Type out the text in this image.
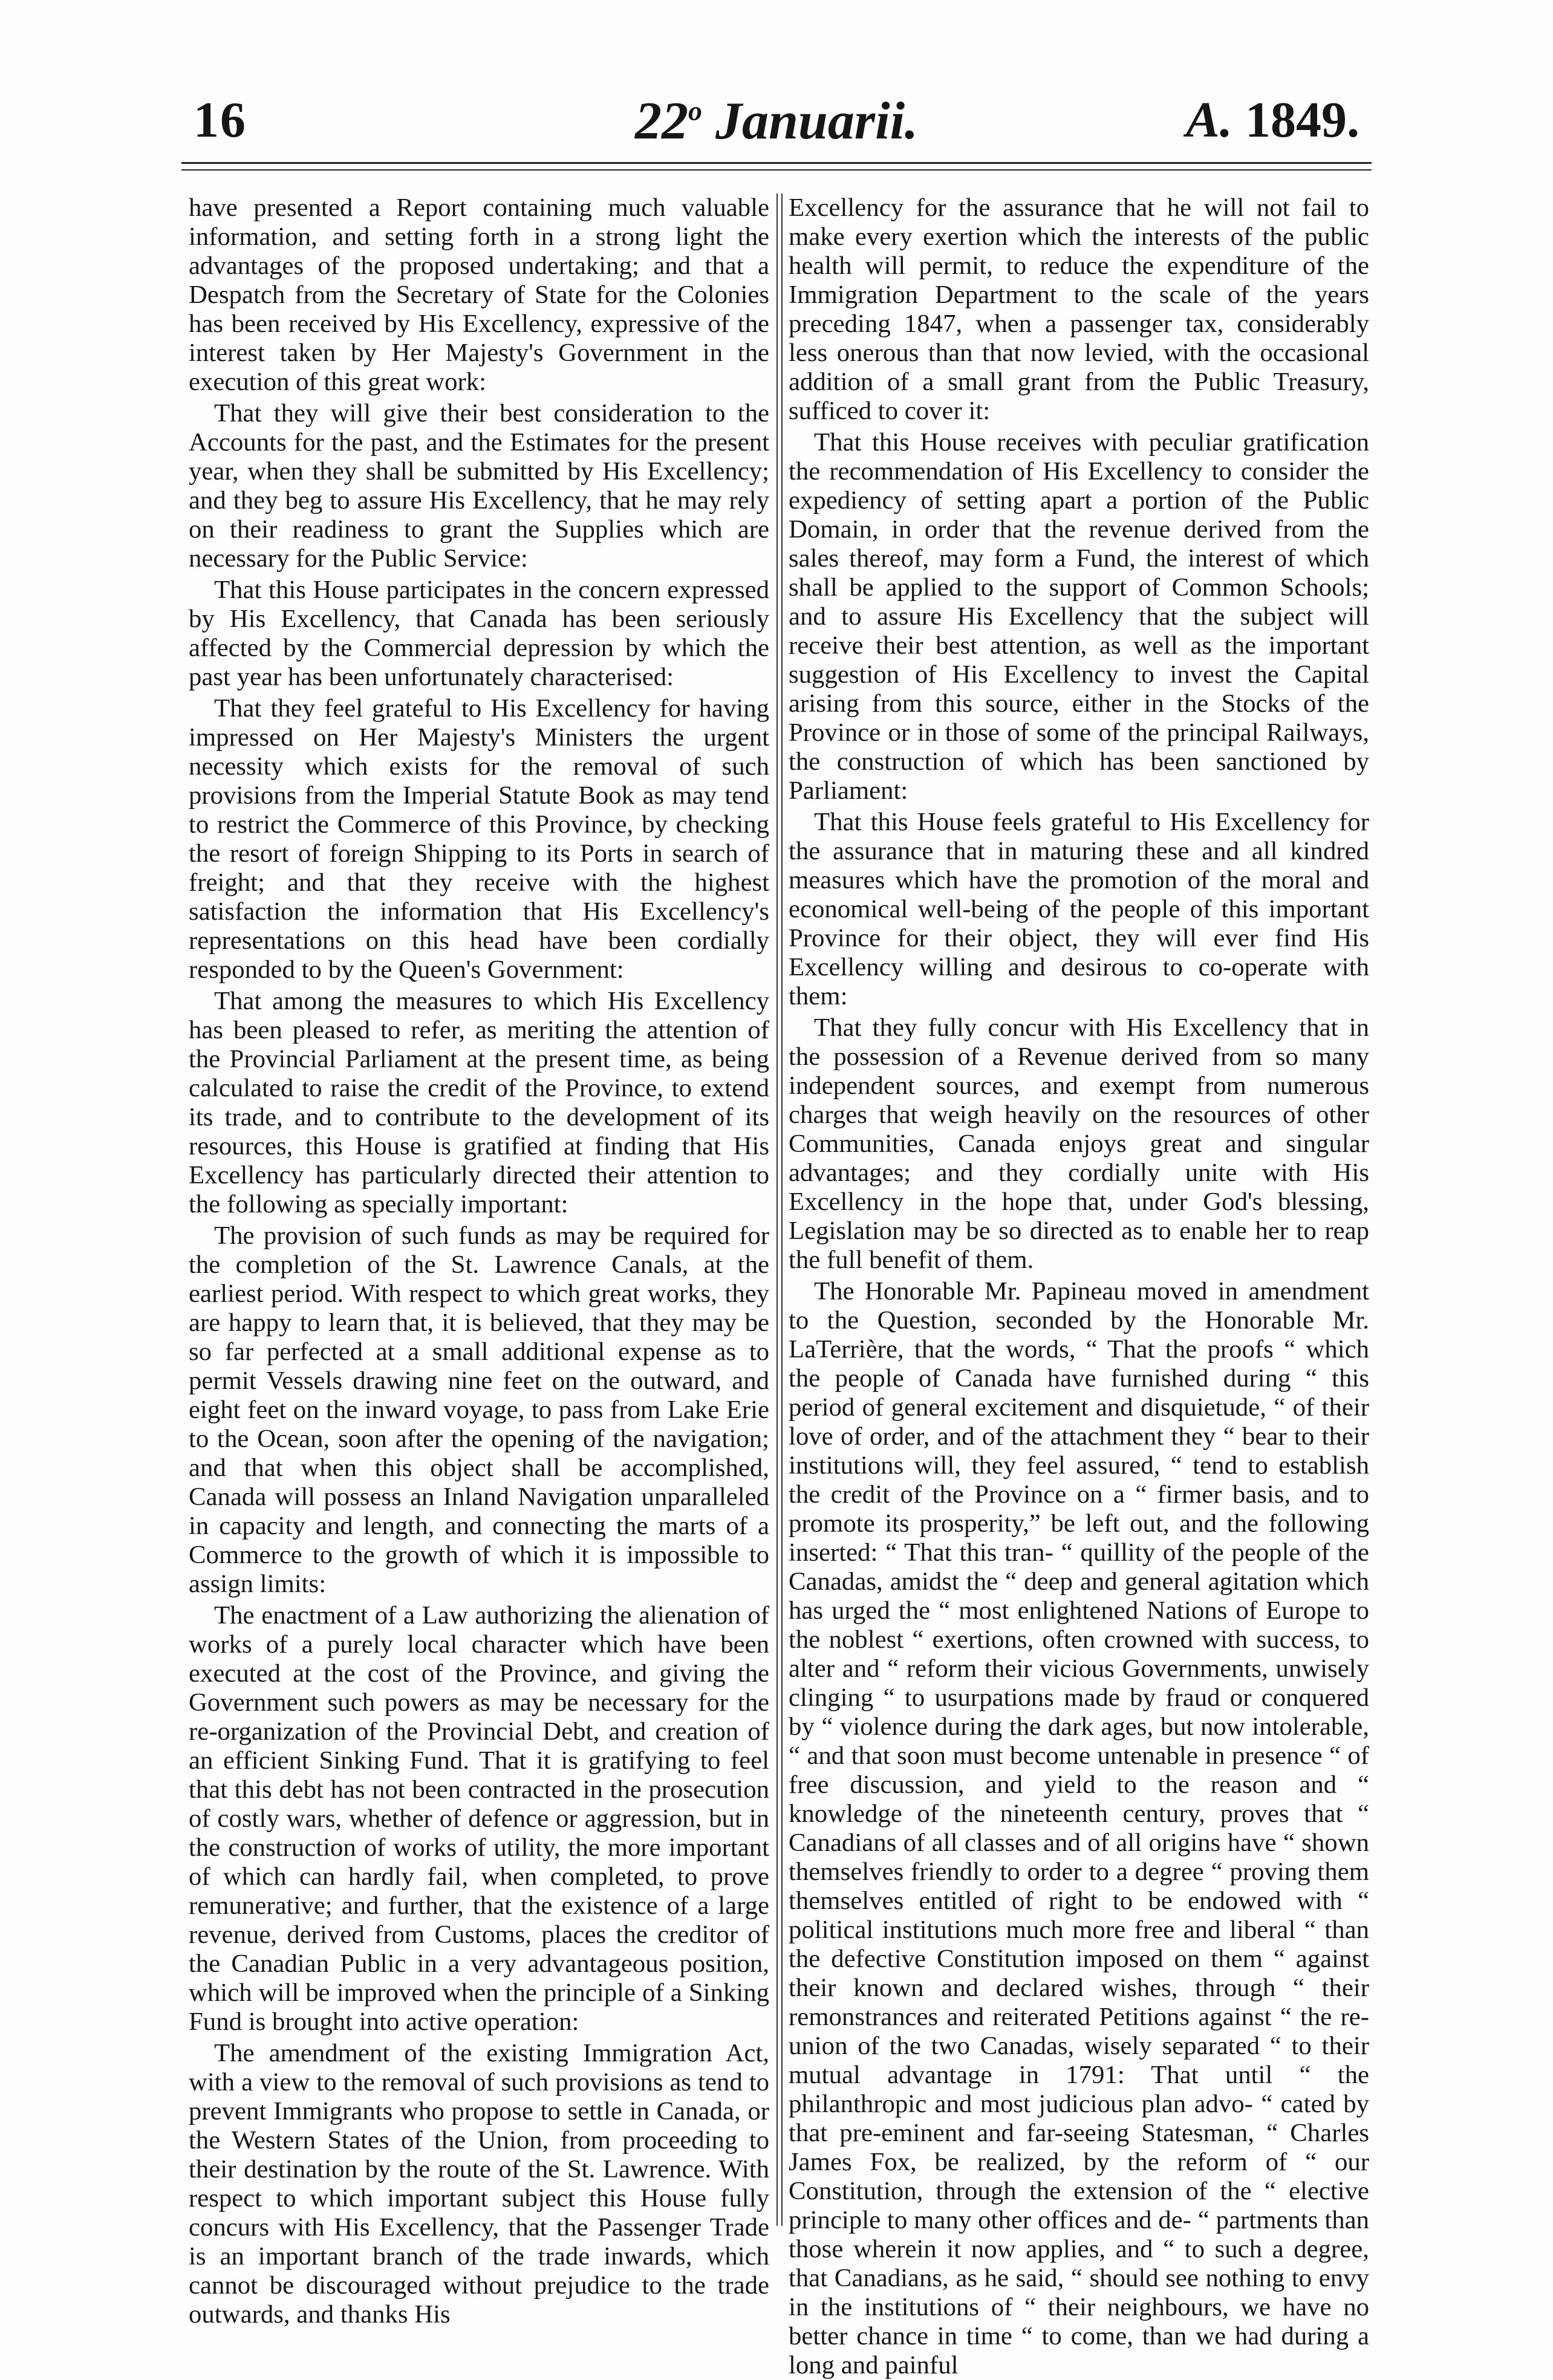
16	22$^o$ Januarii.	A. 1849.

have presented a Report containing much valuable information, and setting forth in a strong light the advantages of the proposed undertaking; and that a Despatch from the Secretary of State for the Colonies has been received by His Excellency, expressive of the interest taken by Her Majesty's Government in the execution of this great work:

That they will give their best consideration to the Accounts for the past, and the Estimates for the present year, when they shall be submitted by His Excellency; and they beg to assure His Excellency, that he may rely on their readiness to grant the Supplies which are necessary for the Public Service:

That this House participates in the concern expressed by His Excellency, that Canada has been seriously affected by the Commercial depression by which the past year has been unfortunately characterised:

That they feel grateful to His Excellency for having impressed on Her Majesty's Ministers the urgent necessity which exists for the removal of such provisions from the Imperial Statute Book as may tend to restrict the Commerce of this Province, by checking the resort of foreign Shipping to its Ports in search of freight; and that they receive with the highest satisfaction the information that His Excellency's representations on this head have been cordially responded to by the Queen's Government:

That among the measures to which His Excellency has been pleased to refer, as meriting the attention of the Provincial Parliament at the present time, as being calculated to raise the credit of the Province, to extend its trade, and to contribute to the development of its resources, this House is gratified at finding that His Excellency has particularly directed their attention to the following as specially important:

The provision of such funds as may be required for the completion of the St. Lawrence Canals, at the earliest period. With respect to which great works, they are happy to learn that, it is believed, that they may be so far perfected at a small additional expense as to permit Vessels drawing nine feet on the outward, and eight feet on the inward voyage, to pass from Lake Erie to the Ocean, soon after the opening of the navigation; and that when this object shall be accomplished, Canada will possess an Inland Navigation unparalleled in capacity and length, and connecting the marts of a Commerce to the growth of which it is impossible to assign limits:

The enactment of a Law authorizing the alienation of works of a purely local character which have been executed at the cost of the Province, and giving the Government such powers as may be necessary for the re-organization of the Provincial Debt, and creation of an efficient Sinking Fund. That it is gratifying to feel that this debt has not been contracted in the prosecution of costly wars, whether of defence or aggression, but in the construction of works of utility, the more important of which can hardly fail, when completed, to prove remunerative; and further, that the existence of a large revenue, derived from Customs, places the creditor of the Canadian Public in a very advantageous position, which will be improved when the principle of a Sinking Fund is brought into active operation:

The amendment of the existing Immigration Act, with a view to the removal of such provisions as tend to prevent Immigrants who propose to settle in Canada, or the Western States of the Union, from proceeding to their destination by the route of the St. Lawrence. With respect to which important subject this House fully concurs with His Excellency, that the Passenger Trade is an important branch of the trade inwards, which cannot be discouraged without prejudice to the trade outwards, and thanks His

Excellency for the assurance that he will not fail to make every exertion which the interests of the public health will permit, to reduce the expenditure of the Immigration Department to the scale of the years preceding 1847, when a passenger tax, considerably less onerous than that now levied, with the occasional addition of a small grant from the Public Treasury, sufficed to cover it:

That this House receives with peculiar gratification the recommendation of His Excellency to consider the expediency of setting apart a portion of the Public Domain, in order that the revenue derived from the sales thereof, may form a Fund, the interest of which shall be applied to the support of Common Schools; and to assure His Excellency that the subject will receive their best attention, as well as the important suggestion of His Excellency to invest the Capital arising from this source, either in the Stocks of the Province or in those of some of the principal Railways, the construction of which has been sanctioned by Parliament:

That this House feels grateful to His Excellency for the assurance that in maturing these and all kindred measures which have the promotion of the moral and economical well-being of the people of this important Province for their object, they will ever find His Excellency willing and desirous to co-operate with them:

That they fully concur with His Excellency that in the possession of a Revenue derived from so many independent sources, and exempt from numerous charges that weigh heavily on the resources of other Communities, Canada enjoys great and singular advantages; and they cordially unite with His Excellency in the hope that, under God's blessing, Legislation may be so directed as to enable her to reap the full benefit of them.

The Honorable Mr. Papineau moved in amendment to the Question, seconded by the Honorable Mr. LaTerrière, that the words, “ That the proofs “ which the people of Canada have furnished during “ this period of general excitement and disquietude, “ of their love of order, and of the attachment they “ bear to their institutions will, they feel assured, “ tend to establish the credit of the Province on a “ firmer basis, and to promote its prosperity,” be left out, and the following inserted: “ That this tran- “ quillity of the people of the Canadas, amidst the “ deep and general agitation which has urged the “ most enlightened Nations of Europe to the noblest “ exertions, often crowned with success, to alter and “ reform their vicious Governments, unwisely clinging “ to usurpations made by fraud or conquered by “ violence during the dark ages, but now intolerable, “ and that soon must become untenable in presence “ of free discussion, and yield to the reason and “ knowledge of the nineteenth century, proves that “ Canadians of all classes and of all origins have “ shown themselves friendly to order to a degree “ proving them themselves entitled of right to be endowed with “ political institutions much more free and liberal “ than the defective Constitution imposed on them “ against their known and declared wishes, through “ their remonstrances and reiterated Petitions against “ the re-union of the two Canadas, wisely separated “ to their mutual advantage in 1791: That until “ the philanthropic and most judicious plan advo- “ cated by that pre-eminent and far-seeing Statesman, “ Charles James Fox, be realized, by the reform of “ our Constitution, through the extension of the “ elective principle to many other offices and de- “ partments than those wherein it now applies, and “ to such a degree, that Canadians, as he said, “ should see nothing to envy in the institutions of “ their neighbours, we have no better chance in time “ to come, than we had during a long and painful
